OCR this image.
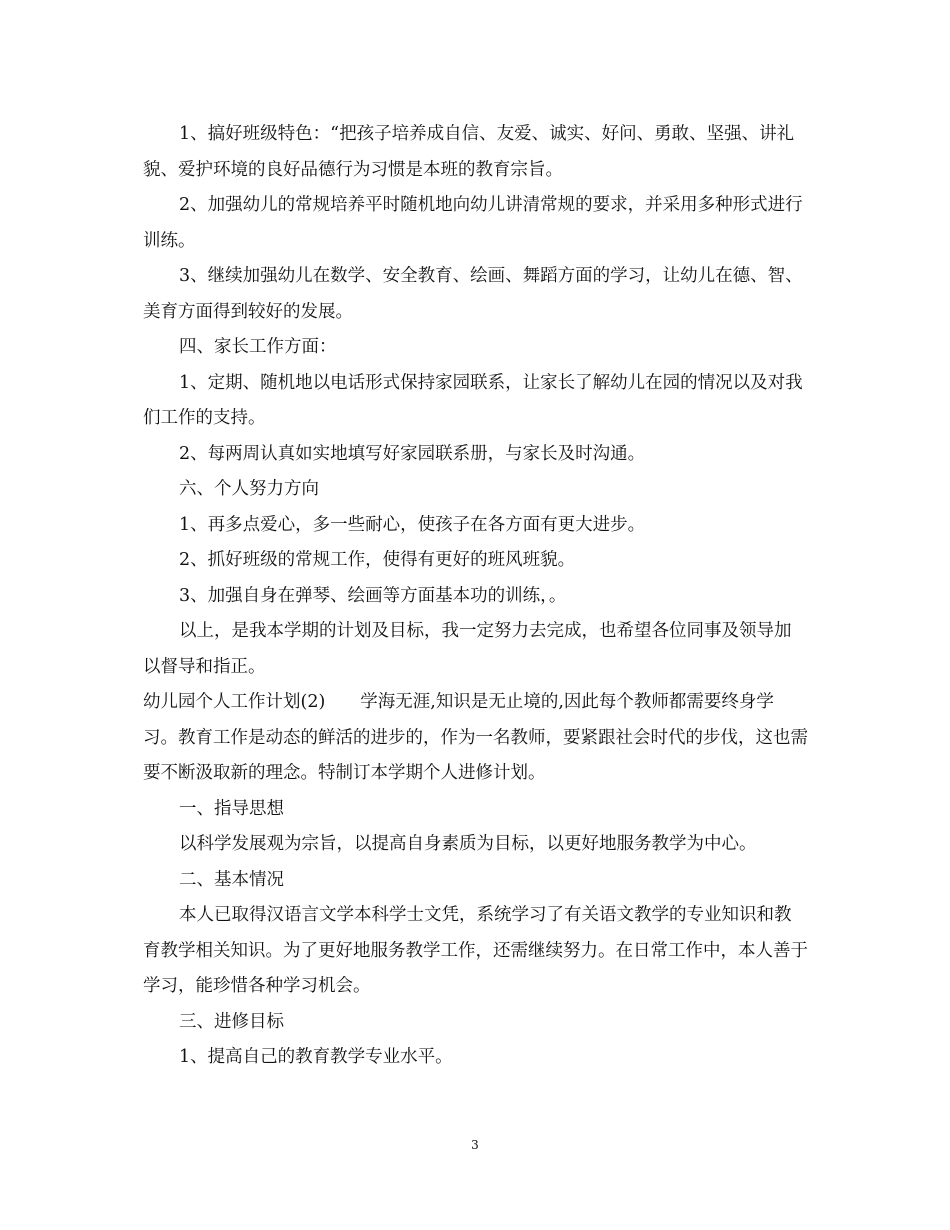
1、搞好班级特色：“把孩子培养成自信、友爱、诚实、好问、勇敢、坚强、讲礼貌、爱护环境的良好品德行为习惯是本班的教育宗旨。

2、加强幼儿的常规培养平时随机地向幼儿讲清常规的要求，并采用多种形式进行训练。

3、继续加强幼儿在数学、安全教育、绘画、舞蹈方面的学习，让幼儿在德、智、美育方面得到较好的发展。

四、家长工作方面：

1、定期、随机地以电话形式保持家园联系，让家长了解幼儿在园的情况以及对我们工作的支持。

2、每两周认真如实地填写好家园联系册，与家长及时沟通。

六、个人努力方向

1、再多点爱心，多一些耐心，使孩子在各方面有更大进步。

2、抓好班级的常规工作，使得有更好的班风班貌。

3、加强自身在弹琴、绘画等方面基本功的训练，。

以上，是我本学期的计划及目标，我一定努力去完成，也希望各位同事及领导加以督导和指正。

幼儿园个人工作计划(2)　　学海无涯,知识是无止境的,因此每个教师都需要终身学习。教育工作是动态的鲜活的进步的，作为一名教师，要紧跟社会时代的步伐，这也需要不断汲取新的理念。特制订本学期个人进修计划。

一、指导思想

以科学发展观为宗旨，以提高自身素质为目标，以更好地服务教学为中心。

二、基本情况

本人已取得汉语言文学本科学士文凭，系统学习了有关语文教学的专业知识和教育教学相关知识。为了更好地服务教学工作，还需继续努力。在日常工作中，本人善于学习，能珍惜各种学习机会。

三、进修目标

1、提高自己的教育教学专业水平。

3
